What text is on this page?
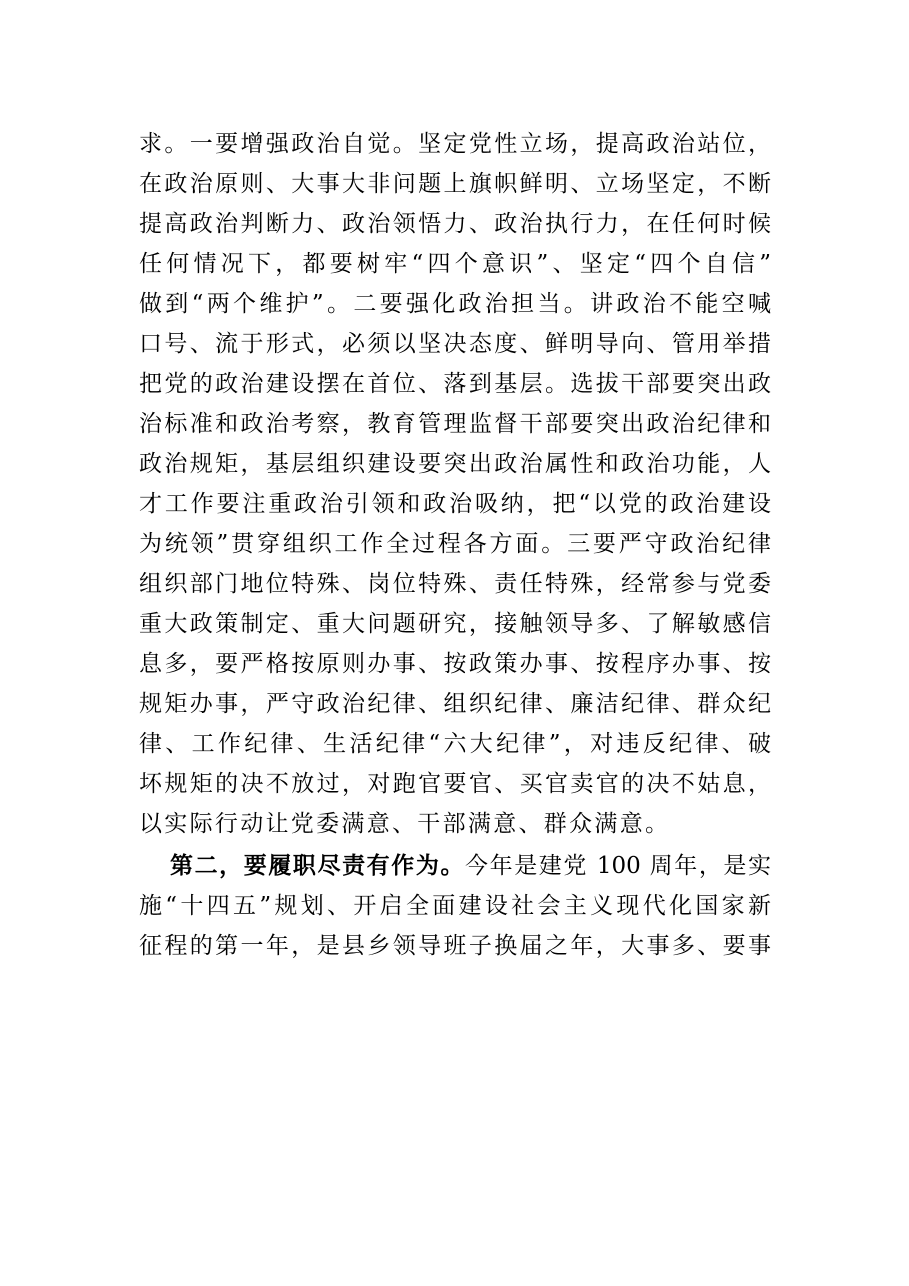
求。一要增强政治自觉。坚定党性立场，提高政治站位，

在政治原则、大事大非问题上旗帜鲜明、立场坚定，不断

提高政治判断力、政治领悟力、政治执行力，在任何时候

任何情况下，都要树牢“四个意识”、坚定“四个自信”

做到“两个维护”。二要强化政治担当。讲政治不能空喊

口号、流于形式，必须以坚决态度、鲜明导向、管用举措

把党的政治建设摆在首位、落到基层。选拔干部要突出政

治标准和政治考察，教育管理监督干部要突出政治纪律和

政治规矩，基层组织建设要突出政治属性和政治功能，人

才工作要注重政治引领和政治吸纳，把“以党的政治建设

为统领”贯穿组织工作全过程各方面。三要严守政治纪律

组织部门地位特殊、岗位特殊、责任特殊，经常参与党委

重大政策制定、重大问题研究，接触领导多、了解敏感信

息多，要严格按原则办事、按政策办事、按程序办事、按

规矩办事，严守政治纪律、组织纪律、廉洁纪律、群众纪

律、工作纪律、生活纪律“六大纪律”，对违反纪律、破

坏规矩的决不放过，对跑官要官、买官卖官的决不姑息，

以实际行动让党委满意、干部满意、群众满意。

第二，要履职尽责有作为。今年是建党 100 周年，是实

施“十四五”规划、开启全面建设社会主义现代化国家新

征程的第一年，是县乡领导班子换届之年，大事多、要事
